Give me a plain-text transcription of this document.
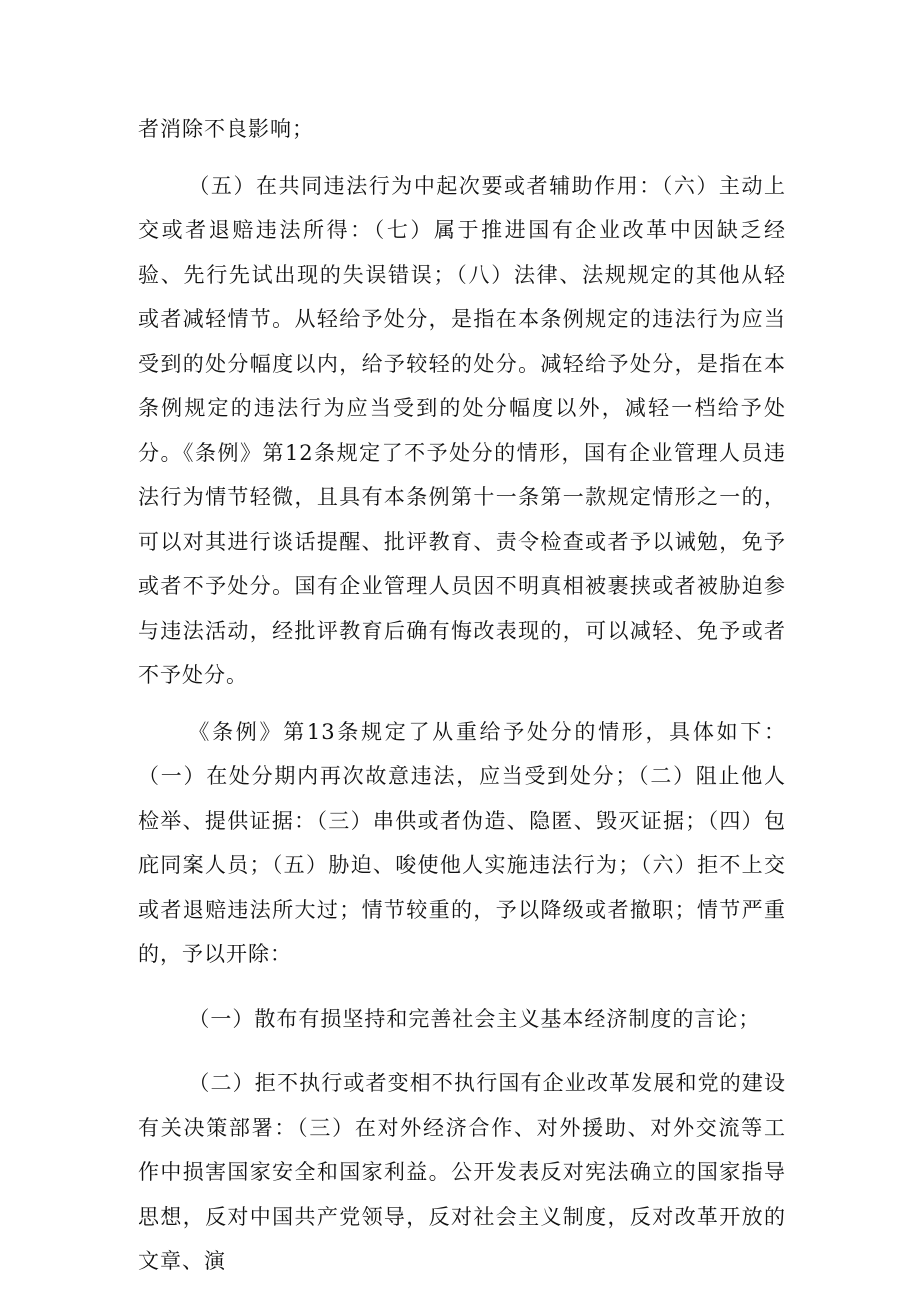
者消除不良影响；

（五）在共同违法行为中起次要或者辅助作用：（六）主动上交或者退赔违法所得：（七）属于推进国有企业改革中因缺乏经验、先行先试出现的失误错误；（八）法律、法规规定的其他从轻或者减轻情节。从轻给予处分，是指在本条例规定的违法行为应当受到的处分幅度以内，给予较轻的处分。减轻给予处分，是指在本条例规定的违法行为应当受到的处分幅度以外，减轻一档给予处分。《条例》第12条规定了不予处分的情形，国有企业管理人员违法行为情节轻微，且具有本条例第十一条第一款规定情形之一的，可以对其进行谈话提醒、批评教育、责令检查或者予以诫勉，免予或者不予处分。国有企业管理人员因不明真相被裹挟或者被胁迫参与违法活动，经批评教育后确有悔改表现的，可以减轻、免予或者不予处分。

《条例》第13条规定了从重给予处分的情形，具体如下：（一）在处分期内再次故意违法，应当受到处分；（二）阻止他人检举、提供证据：（三）串供或者伪造、隐匿、毁灭证据；（四）包庇同案人员；（五）胁迫、唆使他人实施违法行为；（六）拒不上交或者退赔违法所大过；情节较重的，予以降级或者撤职；情节严重的，予以开除：

（一）散布有损坚持和完善社会主义基本经济制度的言论；

（二）拒不执行或者变相不执行国有企业改革发展和党的建设有关决策部署：（三）在对外经济合作、对外援助、对外交流等工作中损害国家安全和国家利益。公开发表反对宪法确立的国家指导思想，反对中国共产党领导，反对社会主义制度，反对改革开放的文章、演
